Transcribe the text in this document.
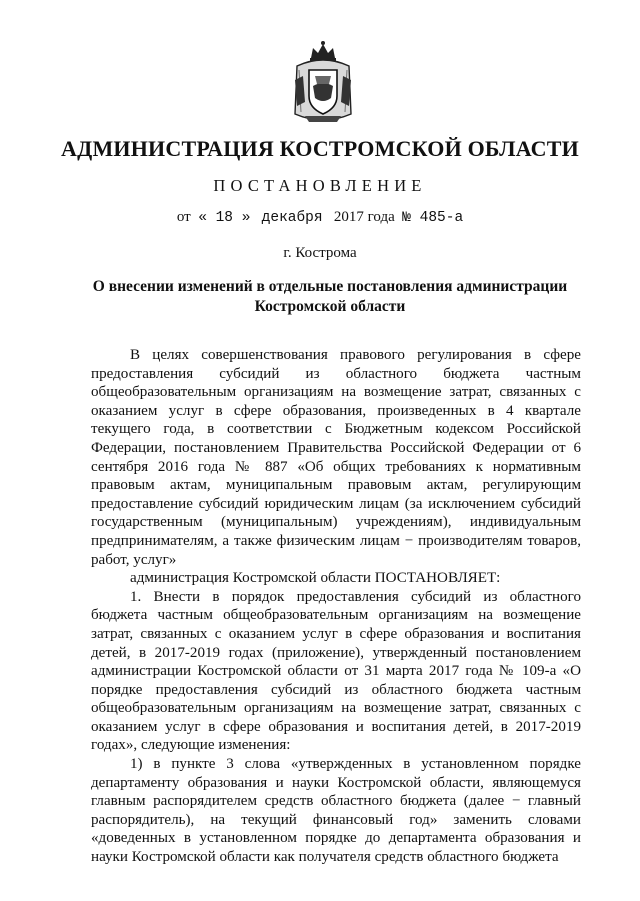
АДМИНИСТРАЦИЯ КОСТРОМСКОЙ ОБЛАСТИ
ПОСТАНОВЛЕНИЕ
от « 18 » декабря 2017 года № 485-а
г. Кострома
О внесении изменений в отдельные постановления администрации
Костромской области

В целях совершенствования правового регулирования в сфере предоставления субсидий из областного бюджета частным общеобразовательным организациям на возмещение затрат, связанных с оказанием услуг в сфере образования, произведенных в 4 квартале текущего года, в соответствии с Бюджетным кодексом Российской Федерации, постановлением Правительства Российской Федерации от 6 сентября 2016 года № 887 «Об общих требованиях к нормативным правовым актам, муниципальным правовым актам, регулирующим предоставление субсидий юридическим лицам (за исключением субсидий государственным (муниципальным) учреждениям), индивидуальным предпринимателям, а также физическим лицам − производителям товаров, работ, услуг»

администрация Костромской области ПОСТАНОВЛЯЕТ:

1. Внести в порядок предоставления субсидий из областного бюджета частным общеобразовательным организациям на возмещение затрат, связанных с оказанием услуг в сфере образования и воспитания детей, в 2017-2019 годах (приложение), утвержденный постановлением администрации Костромской области от 31 марта 2017 года № 109-а «О порядке предоставления субсидий из областного бюджета частным общеобразовательным организациям на возмещение затрат, связанных с оказанием услуг в сфере образования и воспитания детей, в 2017-2019 годах», следующие изменения:

1) в пункте 3 слова «утвержденных в установленном порядке департаменту образования и науки Костромской области, являющемуся главным распорядителем средств областного бюджета (далее − главный распорядитель), на текущий финансовый год» заменить словами «доведенных в установленном порядке до департамента образования и науки Костромской области как получателя средств областного бюджета
